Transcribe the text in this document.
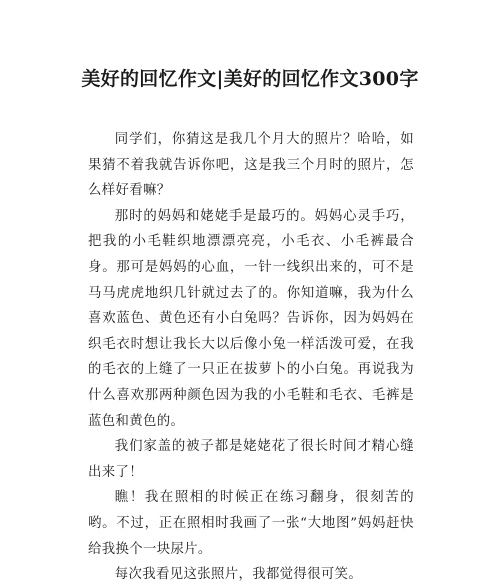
美好的回忆作文|美好的回忆作文300字

同学们，你猜这是我几个月大的照片？哈哈，如果猜不着我就告诉你吧，这是我三个月时的照片，怎么样好看嘛？

那时的妈妈和姥姥手是最巧的。妈妈心灵手巧，把我的小毛鞋织地漂漂亮亮，小毛衣、小毛裤最合身。那可是妈妈的心血，一针一线织出来的，可不是马马虎虎地织几针就过去了的。你知道嘛，我为什么喜欢蓝色、黄色还有小白兔吗？告诉你，因为妈妈在织毛衣时想让我长大以后像小兔一样活泼可爱，在我的毛衣的上缝了一只正在拔萝卜的小白兔。再说我为什么喜欢那两种颜色因为我的小毛鞋和毛衣、毛裤是蓝色和黄色的。

我们家盖的被子都是姥姥花了很长时间才精心缝出来了！

瞧！我在照相的时候正在练习翻身，很刻苦的哟。不过，正在照相时我画了一张“大地图”妈妈赶快给我换个一块尿片。

每次我看见这张照片，我都觉得很可笑。
